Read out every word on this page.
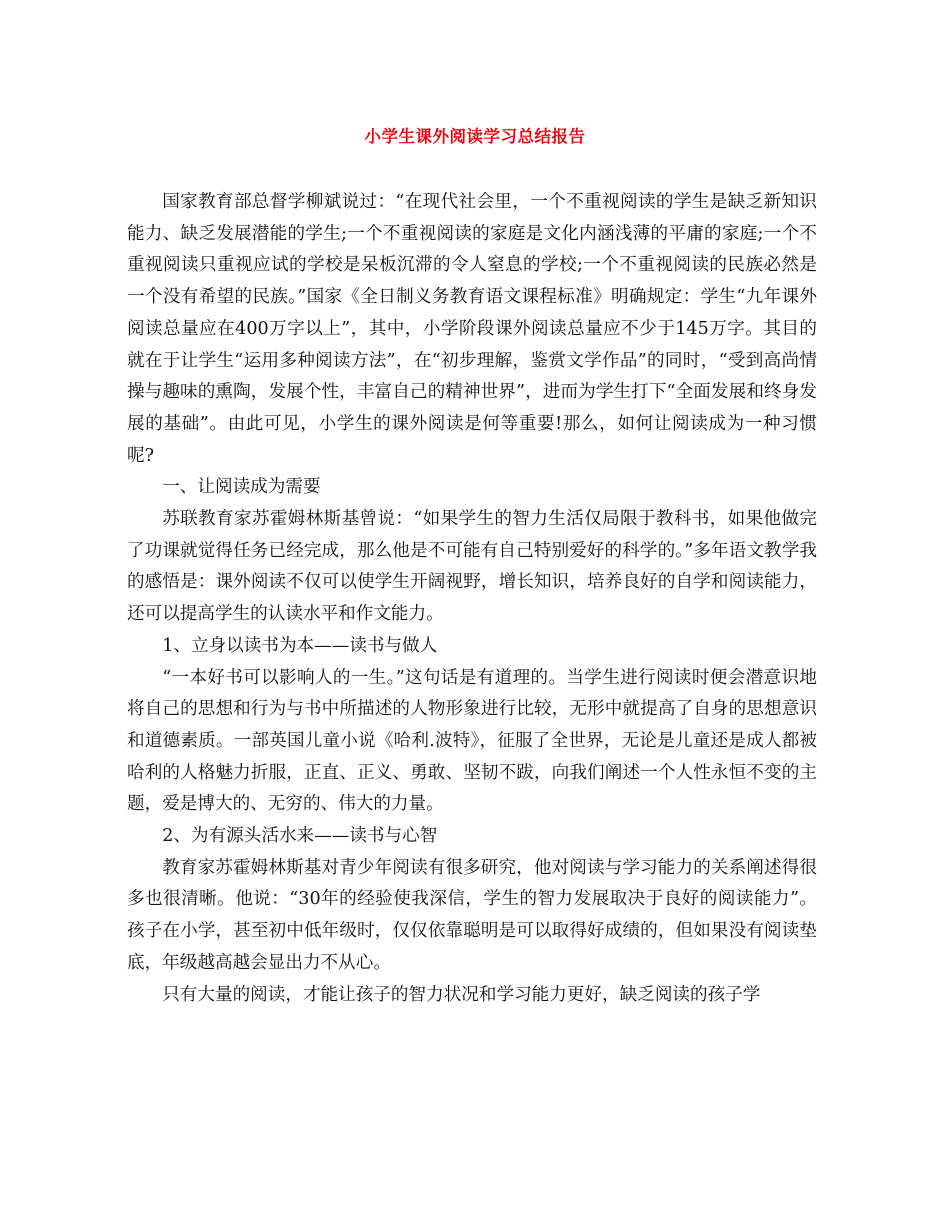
小学生课外阅读学习总结报告

国家教育部总督学柳斌说过：“在现代社会里，一个不重视阅读的学生是缺乏新知识能力、缺乏发展潜能的学生;一个不重视阅读的家庭是文化内涵浅薄的平庸的家庭;一个不重视阅读只重视应试的学校是呆板沉滞的令人窒息的学校;一个不重视阅读的民族必然是一个没有希望的民族。”国家《全日制义务教育语文课程标准》明确规定：学生“九年课外阅读总量应在400万字以上”，其中，小学阶段课外阅读总量应不少于145万字。其目的就在于让学生“运用多种阅读方法”，在“初步理解，鉴赏文学作品”的同时，“受到高尚情操与趣味的熏陶，发展个性，丰富自己的精神世界”，进而为学生打下“全面发展和终身发展的基础”。由此可见，小学生的课外阅读是何等重要!那么，如何让阅读成为一种习惯呢?

一、让阅读成为需要

苏联教育家苏霍姆林斯基曾说：“如果学生的智力生活仅局限于教科书，如果他做完了功课就觉得任务已经完成，那么他是不可能有自己特别爱好的科学的。”多年语文教学我的感悟是：课外阅读不仅可以使学生开阔视野，增长知识，培养良好的自学和阅读能力，还可以提高学生的认读水平和作文能力。

1、立身以读书为本——读书与做人

“一本好书可以影响人的一生。”这句话是有道理的。当学生进行阅读时便会潜意识地将自己的思想和行为与书中所描述的人物形象进行比较，无形中就提高了自身的思想意识和道德素质。一部英国儿童小说《哈利.波特》，征服了全世界，无论是儿童还是成人都被哈利的人格魅力折服，正直、正义、勇敢、坚韧不跋，向我们阐述一个人性永恒不变的主题，爱是博大的、无穷的、伟大的力量。

2、为有源头活水来——读书与心智

教育家苏霍姆林斯基对青少年阅读有很多研究，他对阅读与学习能力的关系阐述得很多也很清晰。他说：“30年的经验使我深信，学生的智力发展取决于良好的阅读能力”。孩子在小学，甚至初中低年级时，仅仅依靠聪明是可以取得好成绩的，但如果没有阅读垫底，年级越高越会显出力不从心。

只有大量的阅读，才能让孩子的智力状况和学习能力更好，缺乏阅读的孩子学
